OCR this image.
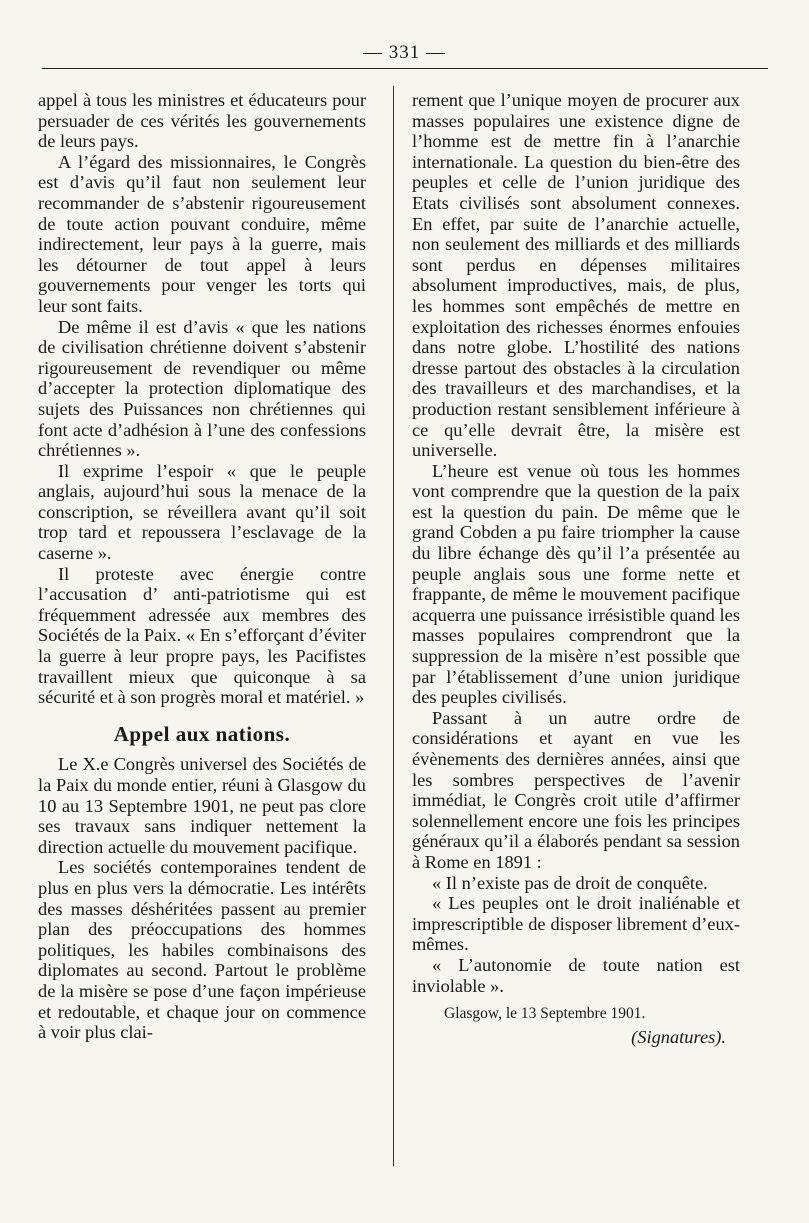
— 331 —

appel à tous les ministres et éducateurs pour persuader de ces vérités les gouvernements de leurs pays.

A l’égard des missionnaires, le Congrès est d’avis qu’il faut non seulement leur recommander de s’abstenir rigoureusement de toute action pouvant conduire, même indirectement, leur pays à la guerre, mais les détourner de tout appel à leurs gouvernements pour venger les torts qui leur sont faits.

De même il est d’avis « que les nations de civilisation chrétienne doivent s’abstenir rigoureusement de revendiquer ou même d’accepter la protection diplomatique des sujets des Puissances non chrétiennes qui font acte d’adhésion à l’une des confessions chrétiennes ».

Il exprime l’espoir « que le peuple anglais, aujourd’hui sous la menace de la conscription, se réveillera avant qu’il soit trop tard et repoussera l’esclavage de la caserne ».

Il proteste avec énergie contre l’accusation d’ anti-patriotisme qui est fréquemment adressée aux membres des Sociétés de la Paix. « En s’efforçant d’éviter la guerre à leur propre pays, les Pacifistes travaillent mieux que quiconque à sa sécurité et à son progrès moral et matériel. »

Appel aux nations.

Le X.e Congrès universel des Sociétés de la Paix du monde entier, réuni à Glasgow du 10 au 13 Septembre 1901, ne peut pas clore ses travaux sans indiquer nettement la direction actuelle du mouvement pacifique.

Les sociétés contemporaines tendent de plus en plus vers la démocratie. Les intérêts des masses déshéritées passent au premier plan des préoccupations des hommes politiques, les habiles combinaisons des diplomates au second. Partout le problème de la misère se pose d’une façon impérieuse et redoutable, et chaque jour on commence à voir plus clai-

rement que l’unique moyen de procurer aux masses populaires une existence digne de l’homme est de mettre fin à l’anarchie internationale. La question du bien-être des peuples et celle de l’union juridique des Etats civilisés sont absolument connexes. En effet, par suite de l’anarchie actuelle, non seulement des milliards et des milliards sont perdus en dépenses militaires absolument improductives, mais, de plus, les hommes sont empêchés de mettre en exploitation des richesses énormes enfouies dans notre globe. L’hostilité des nations dresse partout des obstacles à la circulation des travailleurs et des marchandises, et la production restant sensiblement inférieure à ce qu’elle devrait être, la misère est universelle.

L’heure est venue où tous les hommes vont comprendre que la question de la paix est la question du pain. De même que le grand Cobden a pu faire triompher la cause du libre échange dès qu’il l’a présentée au peuple anglais sous une forme nette et frappante, de même le mouvement pacifique acquerra une puissance irrésistible quand les masses populaires comprendront que la suppression de la misère n’est possible que par l’établissement d’une union juridique des peuples civilisés.

Passant à un autre ordre de considérations et ayant en vue les évènements des dernières années, ainsi que les sombres perspectives de l’avenir immédiat, le Congrès croit utile d’affirmer solennellement encore une fois les principes généraux qu’il a élaborés pendant sa session à Rome en 1891 :

« Il n’existe pas de droit de conquête.

« Les peuples ont le droit inaliénable et imprescriptible de disposer librement d’eux-mêmes.

« L’autonomie de toute nation est inviolable ».

Glasgow, le 13 Septembre 1901.

(Signatures).
